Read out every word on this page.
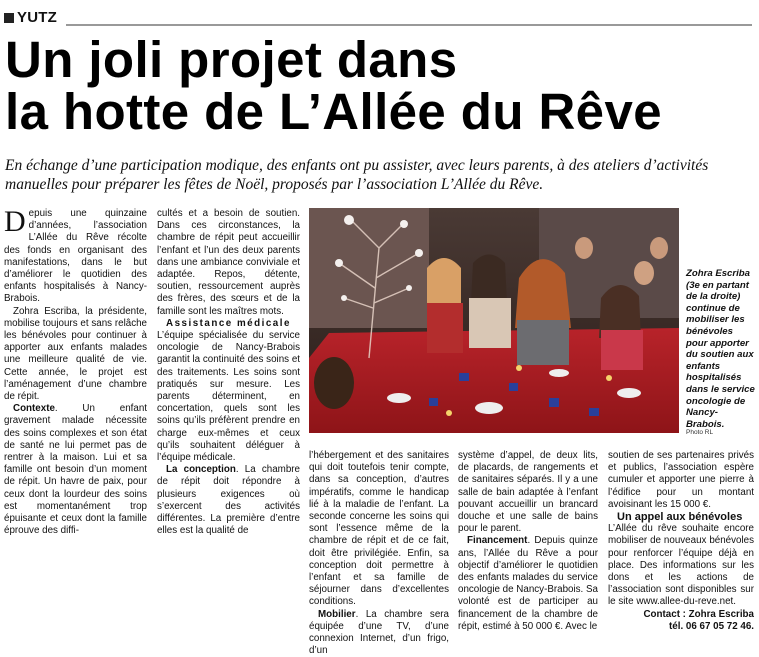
YUTZ
Un joli projet dans
la hotte de L’Allée du Rêve

En échange d’une participation modique, des enfants ont pu assister, avec leurs parents, à des ateliers d’activités manuelles pour préparer les fêtes de Noël, proposés par l’association L’Allée du Rêve.

Depuis une quinzaine d’années, l’association L’Allée du Rêve récolte des fonds en organisant des manifestations, dans le but d’améliorer le quotidien des enfants hospitalisés à Nancy-Brabois.

Zohra Escriba, la présidente, mobilise toujours et sans relâche les bénévoles pour continuer à apporter aux enfants malades une meilleure qualité de vie. Cette année, le projet est l’aménagement d’une chambre de répit.

Contexte. Un enfant gravement malade nécessite des soins complexes et son état de santé ne lui permet pas de rentrer à la maison. Lui et sa famille ont besoin d’un moment de répit. Un havre de paix, pour ceux dont la lourdeur des soins est momentanément trop épuisante et ceux dont la famille éprouve des diffi-

cultés et a besoin de soutien. Dans ces circonstances, la chambre de répit peut accueillir l’enfant et l’un des deux parents dans une ambiance conviviale et adaptée. Repos, détente, soutien, ressourcement auprès des frères, des sœurs et de la famille sont les maîtres mots.

Assistance médicale

L’équipe spécialisée du service oncologie de Nancy-Brabois garantit la continuité des soins et des traitements. Les soins sont pratiqués sur mesure. Les parents déterminent, en concertation, quels sont les soins qu’ils préfèrent prendre en charge eux-mêmes et ceux qu’ils souhaitent déléguer à l’équipe médicale.

La conception. La chambre de répit doit répondre à plusieurs exigences où s’exercent des activités différentes. La première d’entre elles est la qualité de

Zohra Escriba (3e en partant de la droite) continue de mobiliser les bénévoles pour apporter du soutien aux enfants hospitalisés dans le service oncologie de Nancy-Brabois.

Photo RL

l’hébergement et des sanitaires qui doit toutefois tenir compte, dans sa conception, d’autres impératifs, comme le handicap lié à la maladie de l’enfant. La seconde concerne les soins qui sont l’essence même de la chambre de répit et de ce fait, doit être privilégiée. Enfin, sa conception doit permettre à l’enfant et sa famille de séjourner dans d’excellentes conditions.

Mobilier. La chambre sera équipée d’une TV, d’une connexion Internet, d’un frigo, d’un

système d’appel, de deux lits, de placards, de rangements et de sanitaires séparés. Il y a une salle de bain adaptée à l’enfant pouvant accueillir un brancard douche et une salle de bains pour le parent.

Financement. Depuis quinze ans, l’Allée du Rêve a pour objectif d’améliorer le quotidien des enfants malades du service oncologie de Nancy-Brabois. Sa volonté est de participer au financement de la chambre de répit, estimé à 50 000 €. Avec le

soutien de ses partenaires privés et publics, l’association espère cumuler et apporter une pierre à l’édifice pour un montant avoisinant les 15 000 €.

Un appel aux bénévoles

L’Allée du rêve souhaite encore mobiliser de nouveaux bénévoles pour renforcer l’équipe déjà en place. Des informations sur les dons et les actions de l’association sont disponibles sur le site www.allee-du-reve.net.

Contact : Zohra Escriba

tél. 06 67 05 72 46.
